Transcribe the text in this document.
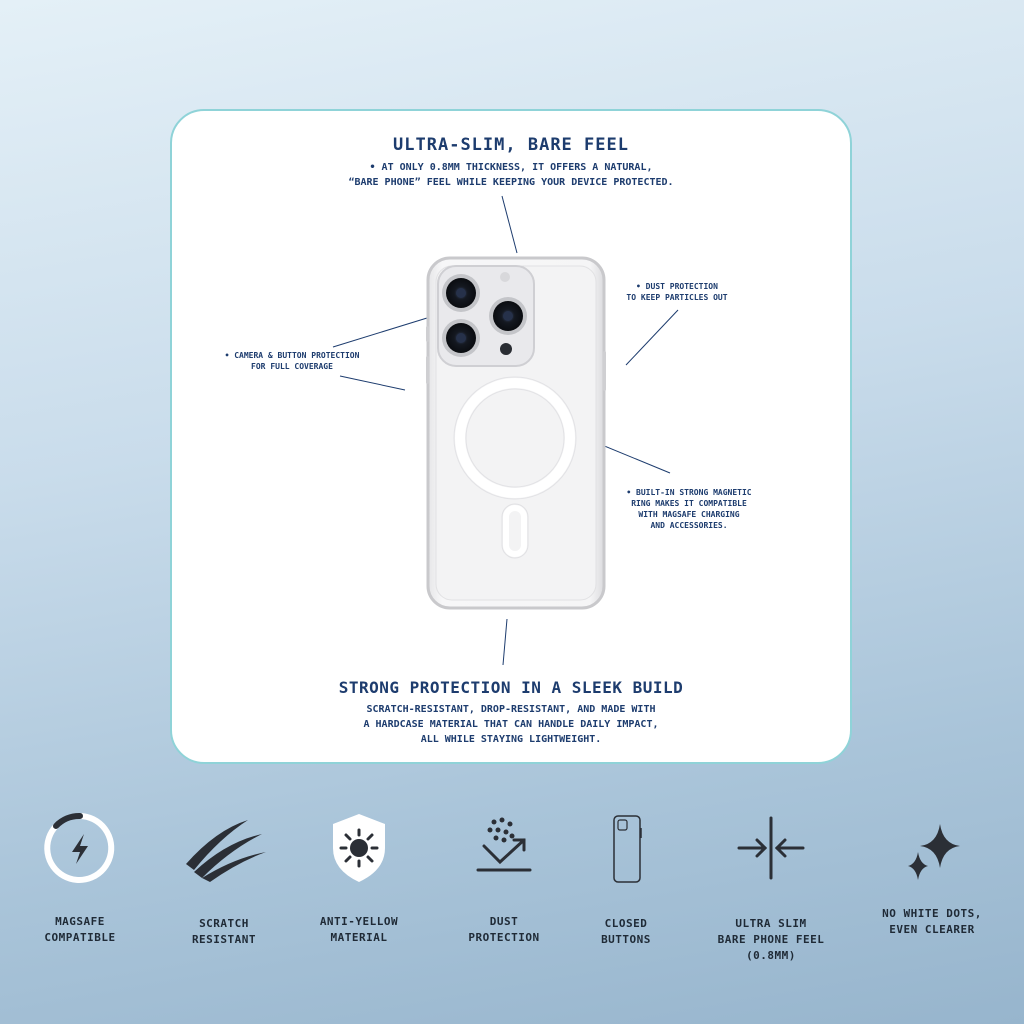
ULTRA-SLIM, BARE FEEL
• AT ONLY 0.8MM THICKNESS, IT OFFERS A NATURAL,
“BARE PHONE” FEEL WHILE KEEPING YOUR DEVICE PROTECTED.
• CAMERA & BUTTON PROTECTION
FOR FULL COVERAGE
• DUST PROTECTION
TO KEEP PARTICLES OUT
• BUILT-IN STRONG MAGNETIC
RING MAKES IT COMPATIBLE
WITH MAGSAFE CHARGING
AND ACCESSORIES.
STRONG PROTECTION IN A SLEEK BUILD
SCRATCH-RESISTANT, DROP-RESISTANT, AND MADE WITH
A HARDCASE MATERIAL THAT CAN HANDLE DAILY IMPACT,
ALL WHILE STAYING LIGHTWEIGHT.
MAGSAFE
COMPATIBLE
SCRATCH
RESISTANT
ANTI-YELLOW
MATERIAL
DUST
PROTECTION
CLOSED
BUTTONS
ULTRA SLIM
BARE PHONE FEEL
(0.8MM)
NO WHITE DOTS,
EVEN CLEARER
